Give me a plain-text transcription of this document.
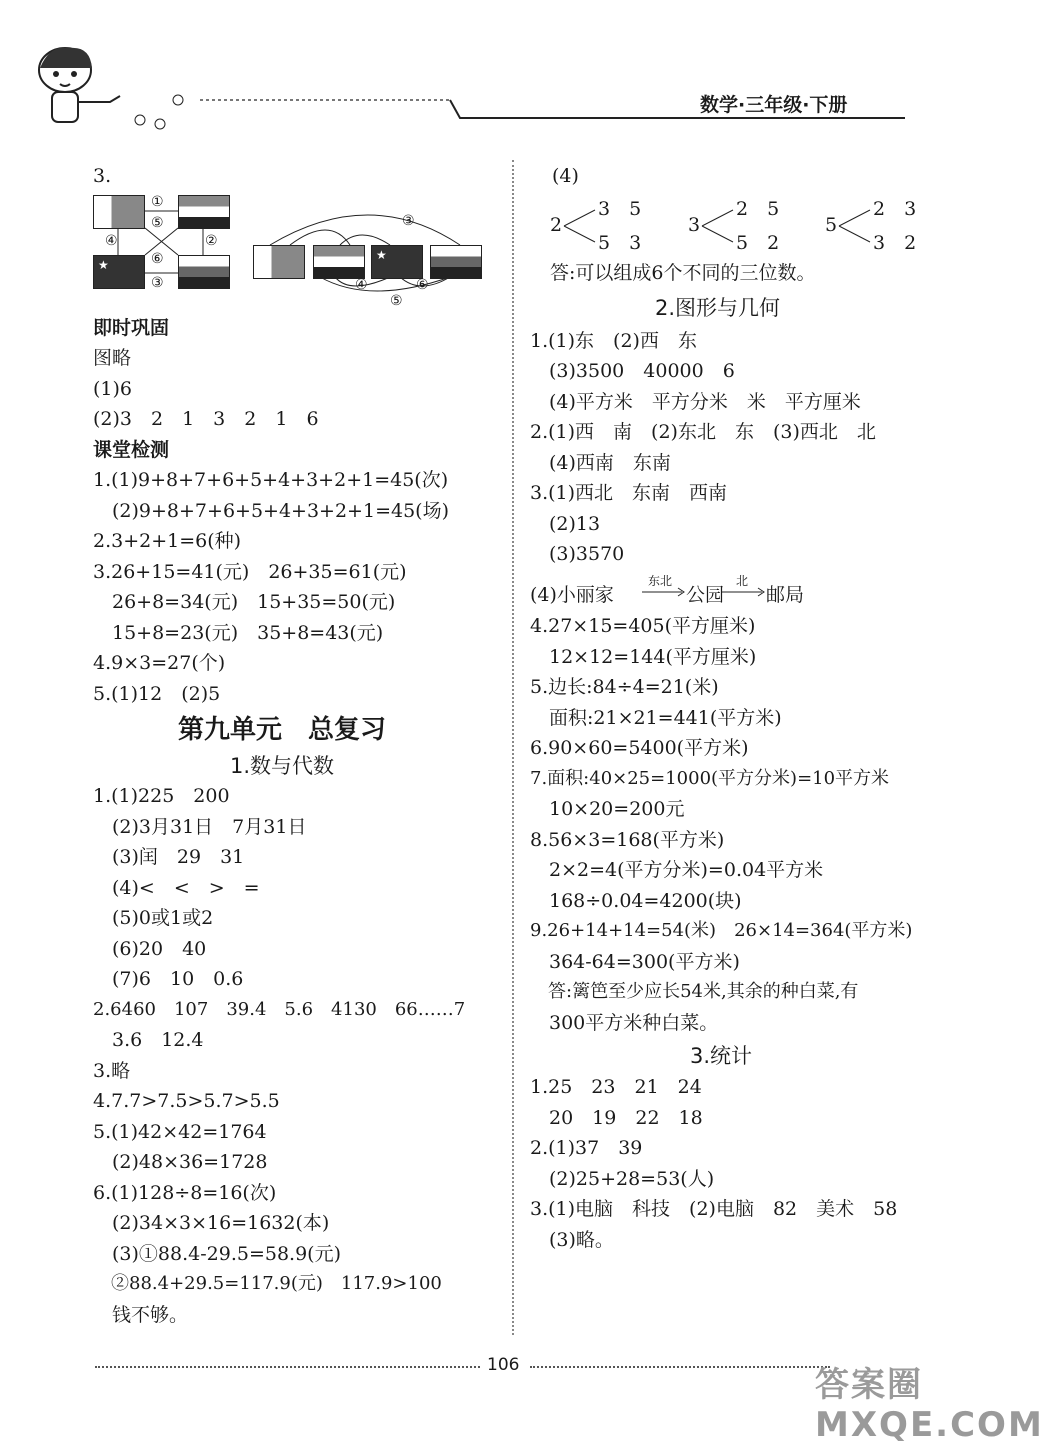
数学·三年级·下册
3.
★
①
②
③
④
⑤
⑥	★
③
④
⑤
⑥
即时巩固
图略
(1)6
(2)3　2　1　3　2　1　6
课堂检测
1.(1)9+8+7+6+5+4+3+2+1=45(次)
　(2)9+8+7+6+5+4+3+2+1=45(场)
2.3+2+1=6(种)
3.26+15=41(元)　26+35=61(元)
　26+8=34(元)　15+35=50(元)
　15+8=23(元)　35+8=43(元)
4.9×3=27(个)
5.(1)12　(2)5
第九单元　总复习
1.数与代数
1.(1)225　200
　(2)3月31日　7月31日
　(3)闰　29　31
　(4)<　<　>　=
　(5)0或1或2
　(6)20　40
　(7)6　10　0.6
2.6460　107　39.4　5.6　4130　66……7
　3.6　12.4
3.略
4.7.7>7.5>5.7>5.5
5.(1)42×42=1764
　(2)48×36=1728
6.(1)128÷8=16(次)
　(2)34×3×16=1632(本)
　(3)①88.4-29.5=58.9(元)
　②88.4+29.5=117.9(元)　117.9>100
　钱不够。
(4)
2
3　5
5　3
3
2　5
5　2
5
2　3
3　2
答:可以组成6个不同的三位数。
2.图形与几何
1.(1)东　(2)西　东
　(3)3500　40000　6
　(4)平方米　平方分米　米　平方厘米
2.(1)西　南　(2)东北　东　(3)西北　北
　(4)西南　东南
3.(1)西北　东南　西南
　(2)13
　(3)3570
(4)小丽家
东北
公园
北
邮局
4.27×15=405(平方厘米)
　12×12=144(平方厘米)
5.边长:84÷4=21(米)
　面积:21×21=441(平方米)
6.90×60=5400(平方米)
7.面积:40×25=1000(平方分米)=10平方米
　10×20=200元
8.56×3=168(平方米)
　2×2=4(平方分米)=0.04平方米
　168÷0.04=4200(块)
9.26+14+14=54(米)　26×14=364(平方米)
　364-64=300(平方米)
　答:篱笆至少应长54米,其余的种白菜,有
　300平方米种白菜。
3.统计
1.25　23　21　24
　20　19　22　18
2.(1)37　39
　(2)25+28=53(人)
3.(1)电脑　科技　(2)电脑　82　美术　58
　(3)略。
106	答案圈 MXQE.COM
